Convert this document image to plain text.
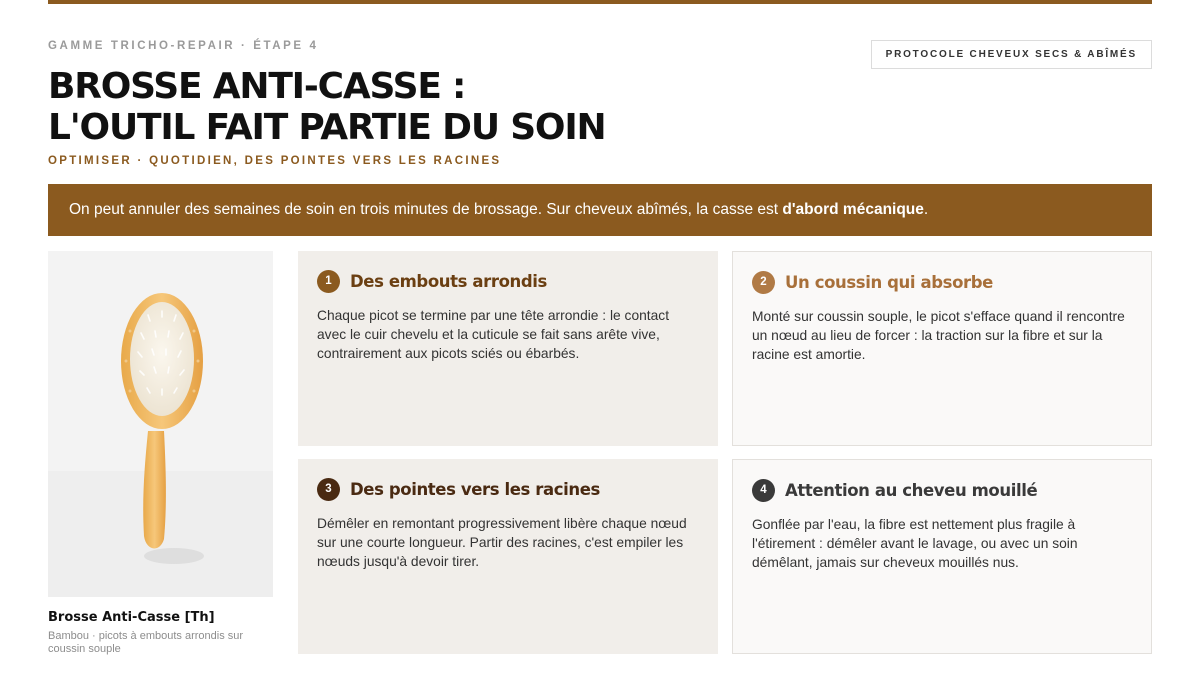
GAMME TRICHO-REPAIR · ÉTAPE 4
PROTOCOLE CHEVEUX SECS & ABÎMÉS
BROSSE ANTI-CASSE :
L'OUTIL FAIT PARTIE DU SOIN
OPTIMISER · QUOTIDIEN, DES POINTES VERS LES RACINES
On peut annuler des semaines de soin en trois minutes de brossage. Sur cheveux abîmés, la casse est d'abord mécanique.
Brosse Anti-Casse [Th]
Bambou · picots à embouts arrondis sur coussin souple
1	Des embouts arrondis

Chaque picot se termine par une tête arrondie : le contact avec le cuir chevelu et la cuticule se fait sans arête vive, contrairement aux picots sciés ou ébarbés.

2	Un coussin qui absorbe

Monté sur coussin souple, le picot s'efface quand il rencontre un nœud au lieu de forcer : la traction sur la fibre et sur la racine est amortie.

3	Des pointes vers les racines

Démêler en remontant progressivement libère chaque nœud sur une courte longueur. Partir des racines, c'est empiler les nœuds jusqu'à devoir tirer.

4	Attention au cheveu mouillé

Gonflée par l'eau, la fibre est nettement plus fragile à l'étirement : démêler avant le lavage, ou avec un soin démêlant, jamais sur cheveux mouillés nus.
